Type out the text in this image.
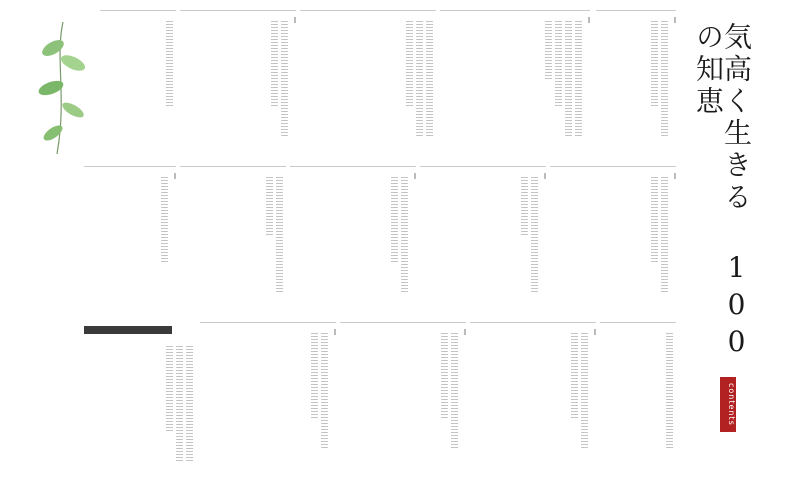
気高く生きる 100の知恵
contents
